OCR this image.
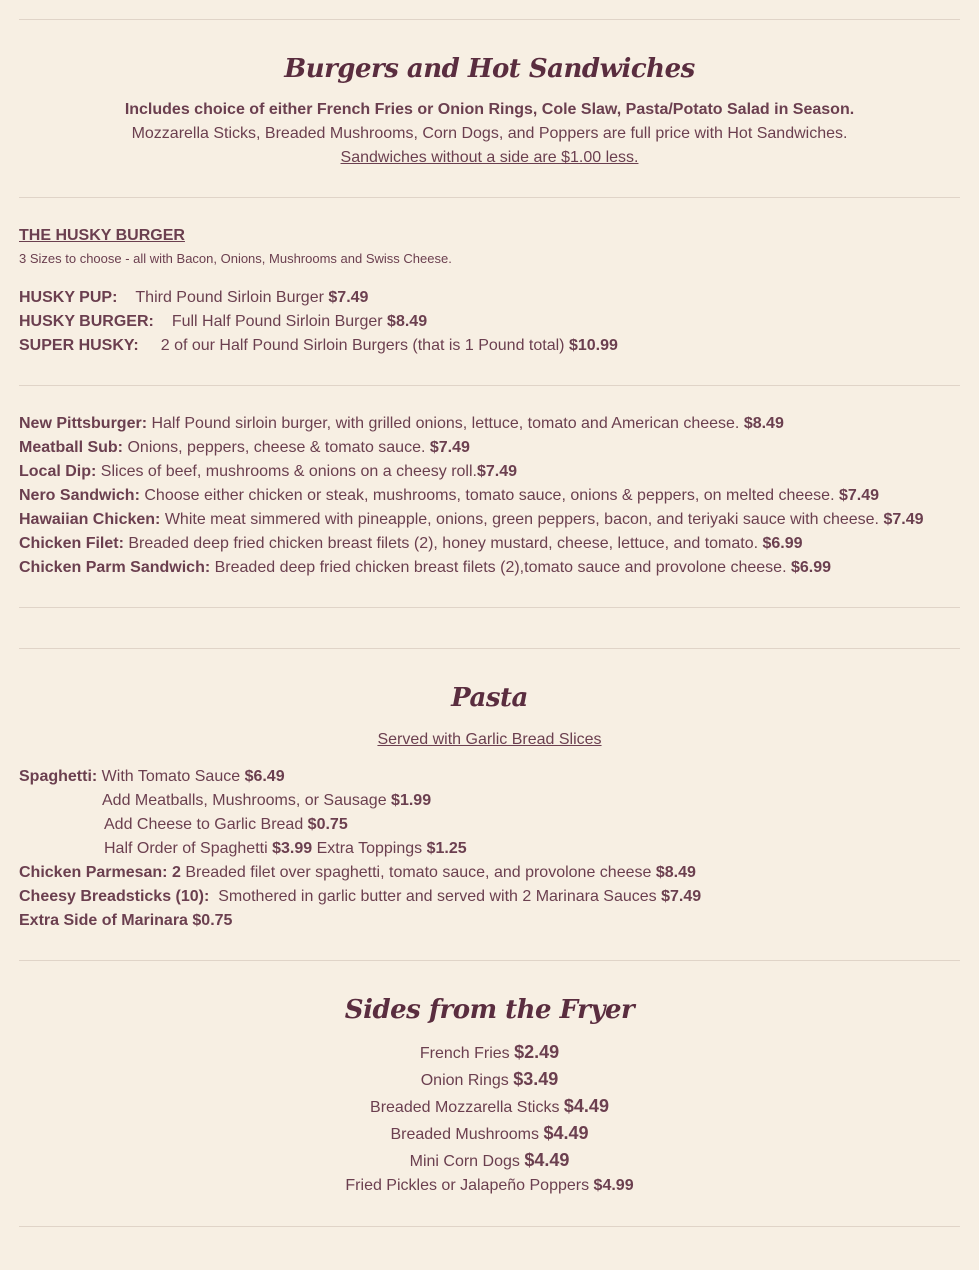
Burgers and Hot Sandwiches
Includes choice of either French Fries or Onion Rings, Cole Slaw, Pasta/Potato Salad in Season.
Mozzarella Sticks, Breaded Mushrooms, Corn Dogs, and Poppers are full price with Hot Sandwiches.
Sandwiches without a side are $1.00 less.
THE HUSKY BURGER
3 Sizes to choose - all with Bacon, Onions, Mushrooms and Swiss Cheese.
HUSKY PUP: Third Pound Sirloin Burger $7.49
HUSKY BURGER: Full Half Pound Sirloin Burger $8.49
SUPER HUSKY: 2 of our Half Pound Sirloin Burgers (that is 1 Pound total) $10.99
New Pittsburger: Half Pound sirloin burger, with grilled onions, lettuce, tomato and American cheese. $8.49
Meatball Sub: Onions, peppers, cheese & tomato sauce. $7.49
Local Dip: Slices of beef, mushrooms & onions on a cheesy roll.$7.49
Nero Sandwich: Choose either chicken or steak, mushrooms, tomato sauce, onions & peppers, on melted cheese. $7.49
Hawaiian Chicken: White meat simmered with pineapple, onions, green peppers, bacon, and teriyaki sauce with cheese. $7.49
Chicken Filet: Breaded deep fried chicken breast filets (2), honey mustard, cheese, lettuce, and tomato. $6.99
Chicken Parm Sandwich: Breaded deep fried chicken breast filets (2),tomato sauce and provolone cheese. $6.99
Pasta
Served with Garlic Bread Slices
Spaghetti: With Tomato Sauce $6.49
Add Meatballs, Mushrooms, or Sausage $1.99
Add Cheese to Garlic Bread $0.75
Half Order of Spaghetti $3.99 Extra Toppings $1.25
Chicken Parmesan: 2 Breaded filet over spaghetti, tomato sauce, and provolone cheese $8.49
Cheesy Breadsticks (10): Smothered in garlic butter and served with 2 Marinara Sauces $7.49
Extra Side of Marinara $0.75
Sides from the Fryer
French Fries $2.49
Onion Rings $3.49
Breaded Mozzarella Sticks $4.49
Breaded Mushrooms $4.49
Mini Corn Dogs $4.49
Fried Pickles or Jalapeño Poppers $4.99
